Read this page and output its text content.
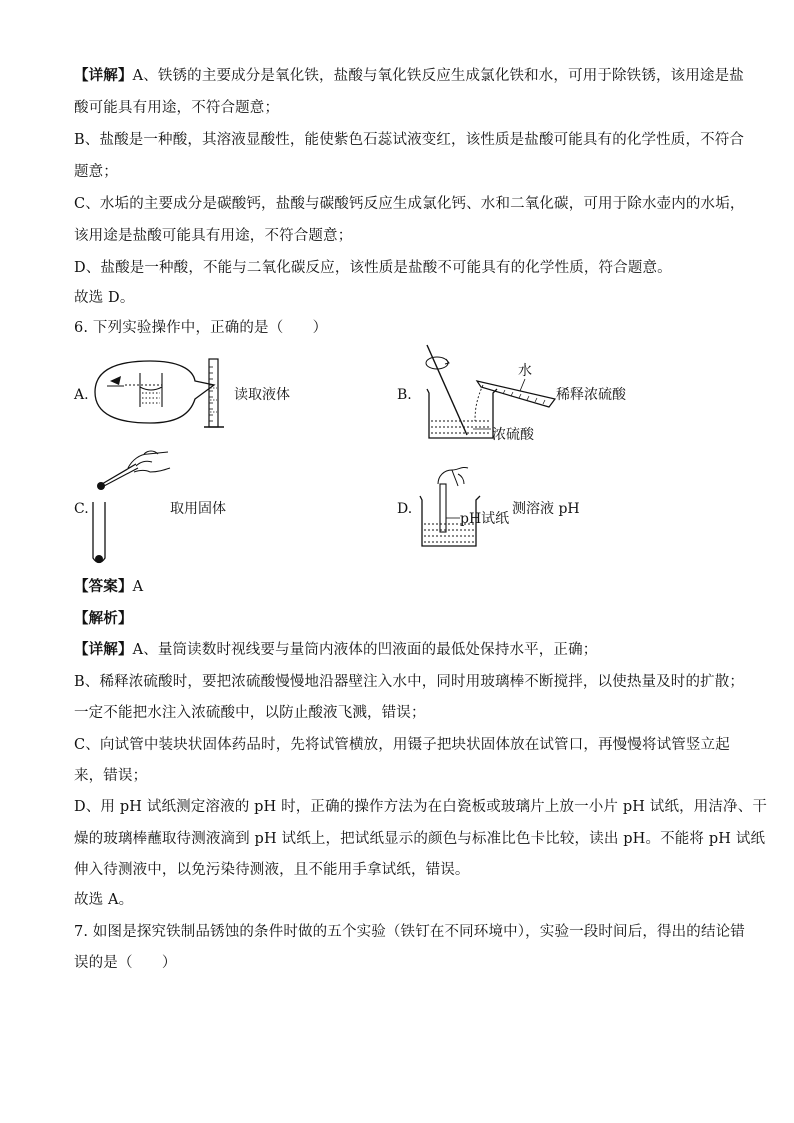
【详解】A、铁锈的主要成分是氧化铁，盐酸与氧化铁反应生成氯化铁和水，可用于除铁锈，该用途是盐
酸可能具有用途，不符合题意；
B、盐酸是一种酸，其溶液显酸性，能使紫色石蕊试液变红，该性质是盐酸可能具有的化学性质，不符合
题意；
C、水垢的主要成分是碳酸钙，盐酸与碳酸钙反应生成氯化钙、水和二氧化碳，可用于除水壶内的水垢，
该用途是盐酸可能具有用途，不符合题意；
D、盐酸是一种酸，不能与二氧化碳反应，该性质是盐酸不可能具有的化学性质，符合题意。
故选 D。
6. 下列实验操作中，正确的是（　　）
A.	读取液体	B.
水
稀释浓硫酸
浓硫酸
C.	取用固体	D.
pH试纸
测溶液 pH
【答案】A
【解析】
【详解】A、量筒读数时视线要与量筒内液体的凹液面的最低处保持水平，正确；
B、稀释浓硫酸时，要把浓硫酸慢慢地沿器壁注入水中，同时用玻璃棒不断搅拌，以使热量及时的扩散；
一定不能把水注入浓硫酸中，以防止酸液飞溅，错误；
C、向试管中装块状固体药品时，先将试管横放，用镊子把块状固体放在试管口，再慢慢将试管竖立起
来，错误；
D、用 pH 试纸测定溶液的 pH 时，正确的操作方法为在白瓷板或玻璃片上放一小片 pH 试纸，用洁净、干
燥的玻璃棒蘸取待测液滴到 pH 试纸上，把试纸显示的颜色与标准比色卡比较，读出 pH。不能将 pH 试纸
伸入待测液中，以免污染待测液，且不能用手拿试纸，错误。
故选 A。
7. 如图是探究铁制品锈蚀的条件时做的五个实验（铁钉在不同环境中），实验一段时间后，得出的结论错
误的是（　　）
